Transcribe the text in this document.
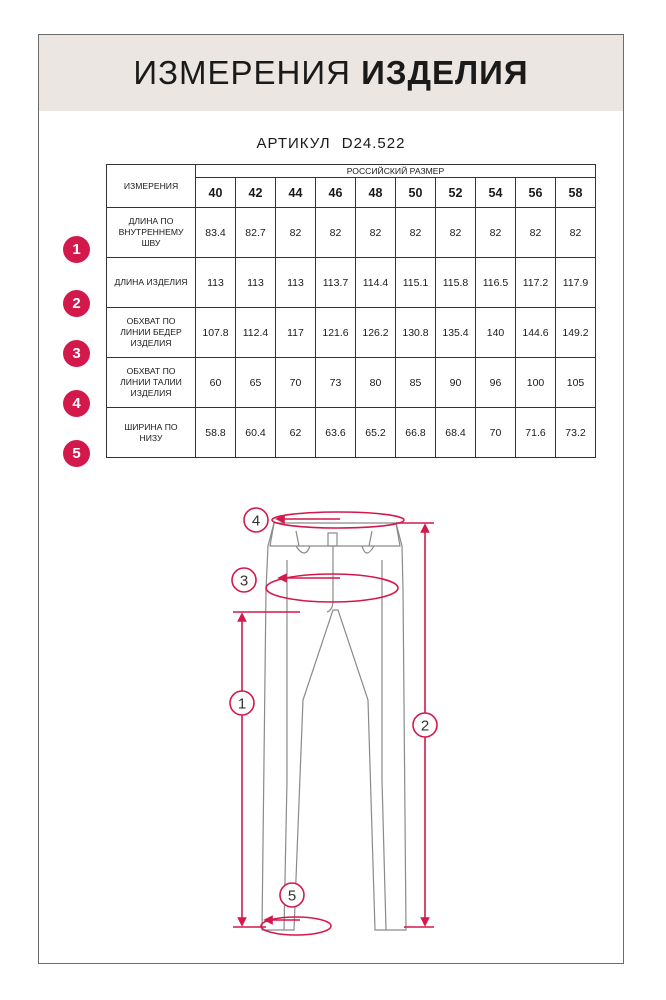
ИЗМЕРЕНИЯ ИЗДЕЛИЯ
АРТИКУЛ D24.522
ИЗМЕРЕНИЯ	РОССИЙСКИЙ РАЗМЕР									
	40	42	44	46	48	50	52	54	56	58

ДЛИНА ПО
ВНУТРЕННЕМУ
ШВУ	83.4	82.7	82	82	82	82	82	82	82	82

ДЛИНА ИЗДЕЛИЯ	113	113	113	113.7	114.4	115.1	115.8	116.5	117.2	117.9

ОБХВАТ ПО
ЛИНИИ БЕДЕР
ИЗДЕЛИЯ	107.8	112.4	117	121.6	126.2	130.8	135.4	140	144.6	149.2

ОБХВАТ ПО
ЛИНИИ ТАЛИИ
ИЗДЕЛИЯ	60	65	70	73	80	85	90	96	100	105

ШИРИНА ПО
НИЗУ	58.8	60.4	62	63.6	65.2	66.8	68.4	70	71.6	73.2
1
2
3
4
5
4
3
1
2
5
